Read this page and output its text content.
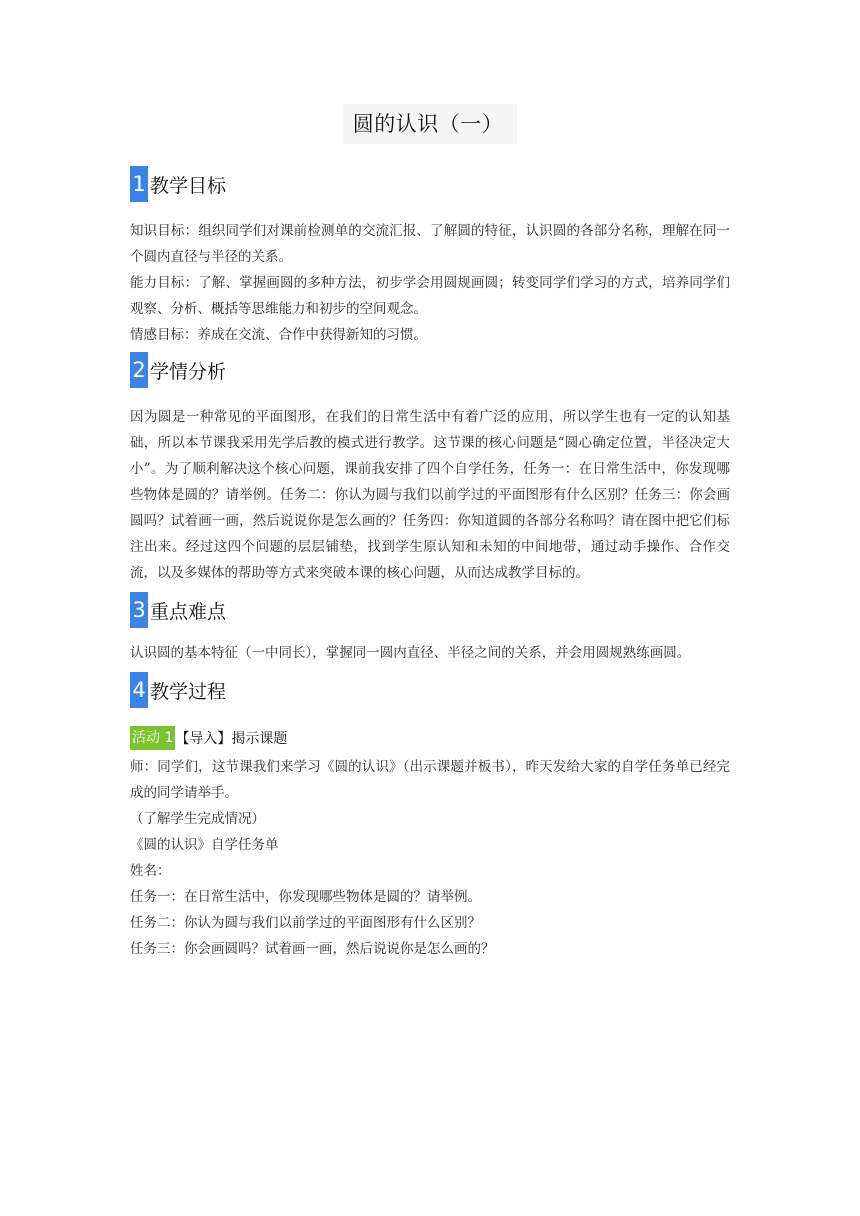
圆的认识（一）
1 教学目标

知识目标：组织同学们对课前检测单的交流汇报、了解圆的特征，认识圆的各部分名称，理解在同一个圆内直径与半径的关系。

能力目标：了解、掌握画圆的多种方法，初步学会用圆规画圆；转变同学们学习的方式，培养同学们观察、分析、概括等思维能力和初步的空间观念。

情感目标：养成在交流、合作中获得新知的习惯。

2 学情分析

因为圆是一种常见的平面图形，在我们的日常生活中有着广泛的应用，所以学生也有一定的认知基础，所以本节课我采用先学后教的模式进行教学。这节课的核心问题是“圆心确定位置，半径决定大小”。为了顺利解决这个核心问题，课前我安排了四个自学任务，任务一：在日常生活中，你发现哪些物体是圆的？请举例。任务二：你认为圆与我们以前学过的平面图形有什么区别？任务三：你会画圆吗？试着画一画，然后说说你是怎么画的？任务四：你知道圆的各部分名称吗？请在图中把它们标注出来。经过这四个问题的层层铺垫，找到学生原认知和未知的中间地带，通过动手操作、合作交流，以及多媒体的帮助等方式来突破本课的核心问题，从而达成教学目标的。

3 重点难点

认识圆的基本特征（一中同长），掌握同一圆内直径、半径之间的关系，并会用圆规熟练画圆。

4 教学过程
活动 1 【导入】揭示课题

师：同学们，这节课我们来学习《圆的认识》（出示课题并板书），昨天发给大家的自学任务单已经完成的同学请举手。

（了解学生完成情况）

《圆的认识》自学任务单

姓名：

任务一：在日常生活中，你发现哪些物体是圆的？请举例。

任务二：你认为圆与我们以前学过的平面图形有什么区别？

任务三：你会画圆吗？试着画一画，然后说说你是怎么画的？
